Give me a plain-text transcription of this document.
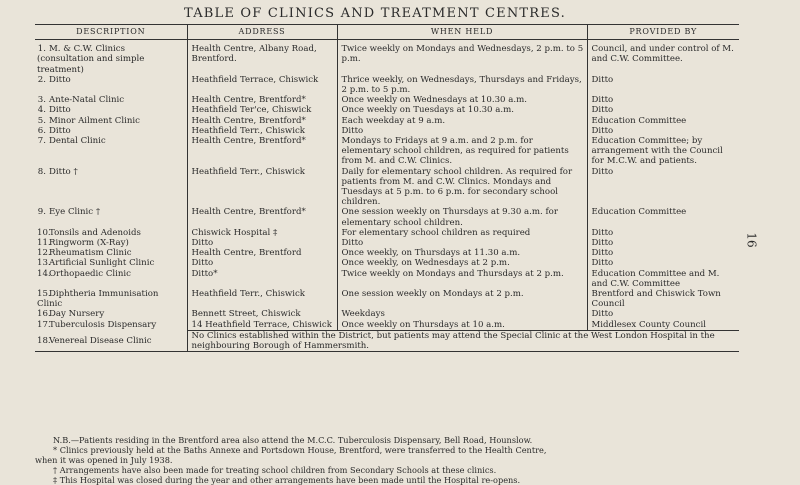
TABLE OF CLINICS AND TREATMENT CENTRES.
16
DESCRIPTION	ADDRESS	WHEN HELD	PROVIDED BY
1. M. & C.W. Clinics (consultation and simple treatment)	Health Centre, Albany Road, Brentford.	Twice weekly on Mondays and Wednesdays, 2 p.m. to 5 p.m.	Council, and under control of M. and C.W. Committee.
2. Ditto	Heathfield Terrace, Chiswick	Thrice weekly, on Wednesdays, Thursdays and Fridays, 2 p.m. to 5 p.m.	Ditto
3. Ante-Natal Clinic	Health Centre, Brentford*	Once weekly on Wednesdays at 10.30 a.m.	Ditto
4. Ditto	Heathfield Ter'ce, Chiswick	Once weekly on Tuesdays at 10.30 a.m.	Ditto
5. Minor Ailment Clinic	Health Centre, Brentford*	Each weekday at 9 a.m.	Education Committee
6. Ditto	Heathfield Terr., Chiswick	Ditto	Ditto
7. Dental Clinic	Health Centre, Brentford*	Mondays to Fridays at 9 a.m. and 2 p.m. for elementary school children, as required for patients from M. and C.W. Clinics.	Education Committee; by arrangement with the Council for M.C.W. and patients.
8. Ditto †	Heathfield Terr., Chiswick	Daily for elementary school children. As required for patients from M. and C.W. Clinics. Mondays and Tuesdays at 5 p.m. to 6 p.m. for secondary school children.	Ditto
9. Eye Clinic †	Health Centre, Brentford*	One session weekly on Thursdays at 9.30 a.m. for elementary school children.	Education Committee
10.Tonsils and Adenoids	Chiswick Hospital ‡	For elementary school children as required	Ditto
11.Ringworm (X-Ray)	Ditto	Ditto	Ditto
12.Rheumatism Clinic	Health Centre, Brentford	Once weekly, on Thursdays at 11.30 a.m.	Ditto
13.Artificial Sunlight Clinic	Ditto	Once weekly, on Wednesdays at 2 p.m.	Ditto
14.Orthopaedic Clinic	Ditto*	Twice weekly on Mondays and Thursdays at 2 p.m.	Education Committee and M. and C.W. Committee
15.Diphtheria Immunisation Clinic	Heathfield Terr., Chiswick	One session weekly on Mondays at 2 p.m.	Brentford and Chiswick Town Council
16.Day Nursery	Bennett Street, Chiswick	Weekdays	Ditto
17.Tuberculosis Dispensary	14 Heathfield Terrace, Chiswick	Once weekly on Thursdays at 10 a.m.	Middlesex County Council
18.Venereal Disease Clinic	No Clinics established within the District, but patients may attend the Special Clinic at the West London Hospital in the neighbouring Borough of Hammersmith.		
N.B.—Patients residing in the Brentford area also attend the M.C.C. Tuberculosis Dispensary, Bell Road, Hounslow.
* Clinics previously held at the Baths Annexe and Portsdown House, Brentford, were transferred to the Health Centre,
when it was opened in July 1938.
† Arrangements have also been made for treating school children from Secondary Schools at these clinics.
‡ This Hospital was closed during the year and other arrangements have been made until the Hospital re-opens.
